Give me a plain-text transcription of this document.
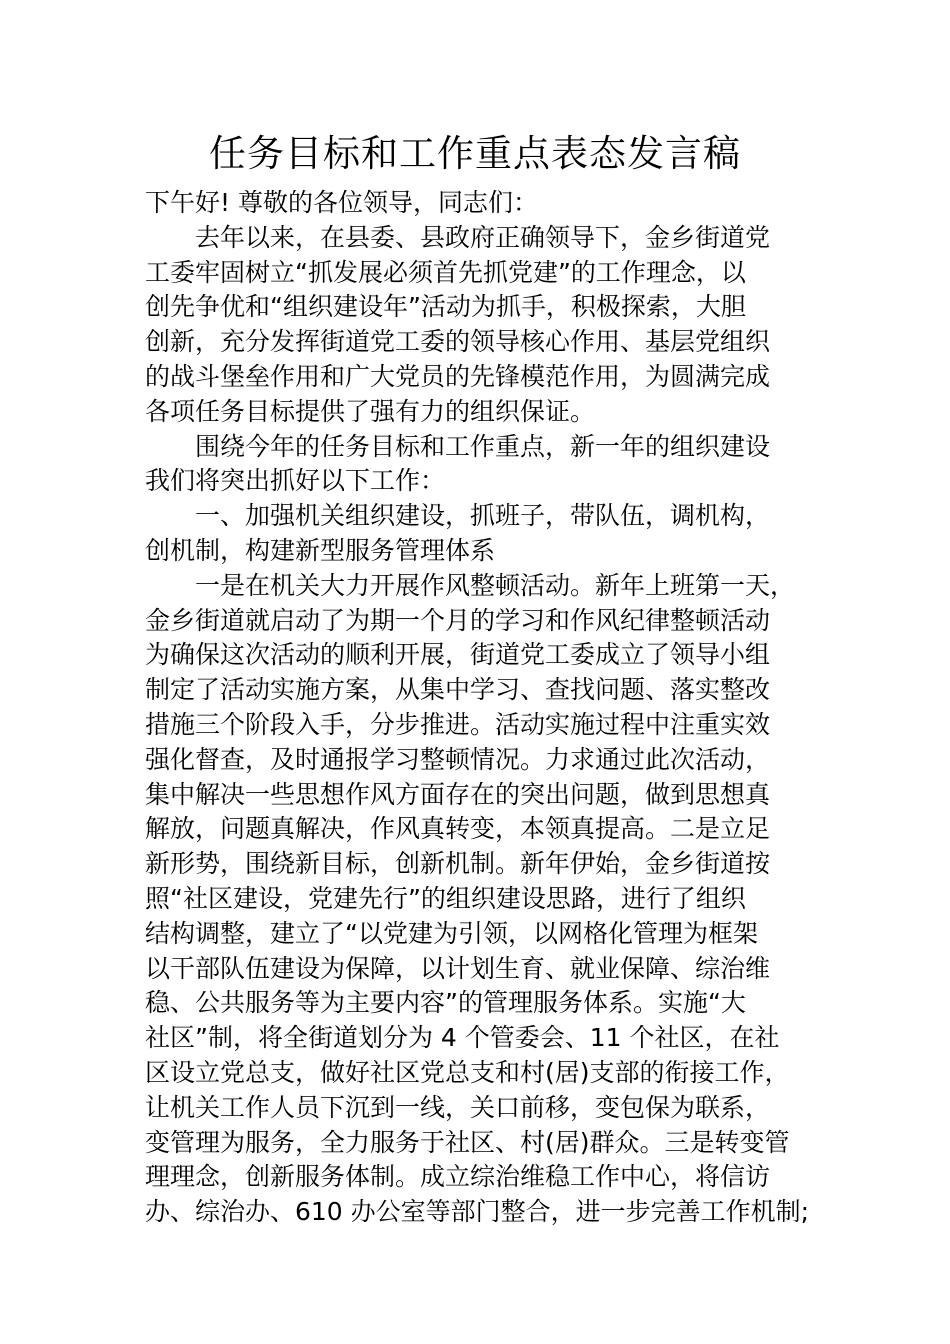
任务目标和工作重点表态发言稿
下午好! 尊敬的各位领导，同志们：
去年以来，在县委、县政府正确领导下，金乡街道党
工委牢固树立“抓发展必须首先抓党建”的工作理念，以
创先争优和“组织建设年”活动为抓手，积极探索，大胆
创新，充分发挥街道党工委的领导核心作用、基层党组织
的战斗堡垒作用和广大党员的先锋模范作用，为圆满完成
各项任务目标提供了强有力的组织保证。
围绕今年的任务目标和工作重点，新一年的组织建设
我们将突出抓好以下工作：
一、加强机关组织建设，抓班子，带队伍，调机构，
创机制，构建新型服务管理体系
一是在机关大力开展作风整顿活动。新年上班第一天，
金乡街道就启动了为期一个月的学习和作风纪律整顿活动
为确保这次活动的顺利开展，街道党工委成立了领导小组
制定了活动实施方案，从集中学习、查找问题、落实整改
措施三个阶段入手，分步推进。活动实施过程中注重实效
强化督查，及时通报学习整顿情况。力求通过此次活动，
集中解决一些思想作风方面存在的突出问题，做到思想真
解放，问题真解决，作风真转变，本领真提高。二是立足
新形势，围绕新目标，创新机制。新年伊始，金乡街道按
照“社区建设，党建先行”的组织建设思路，进行了组织
结构调整，建立了“以党建为引领，以网格化管理为框架
以干部队伍建设为保障，以计划生育、就业保障、综治维
稳、公共服务等为主要内容”的管理服务体系。实施“大
社区”制，将全街道划分为 4 个管委会、11 个社区，在社
区设立党总支，做好社区党总支和村(居)支部的衔接工作，
让机关工作人员下沉到一线，关口前移，变包保为联系，
变管理为服务，全力服务于社区、村(居)群众。三是转变管
理理念，创新服务体制。成立综治维稳工作中心，将信访
办、综治办、610 办公室等部门整合，进一步完善工作机制;
